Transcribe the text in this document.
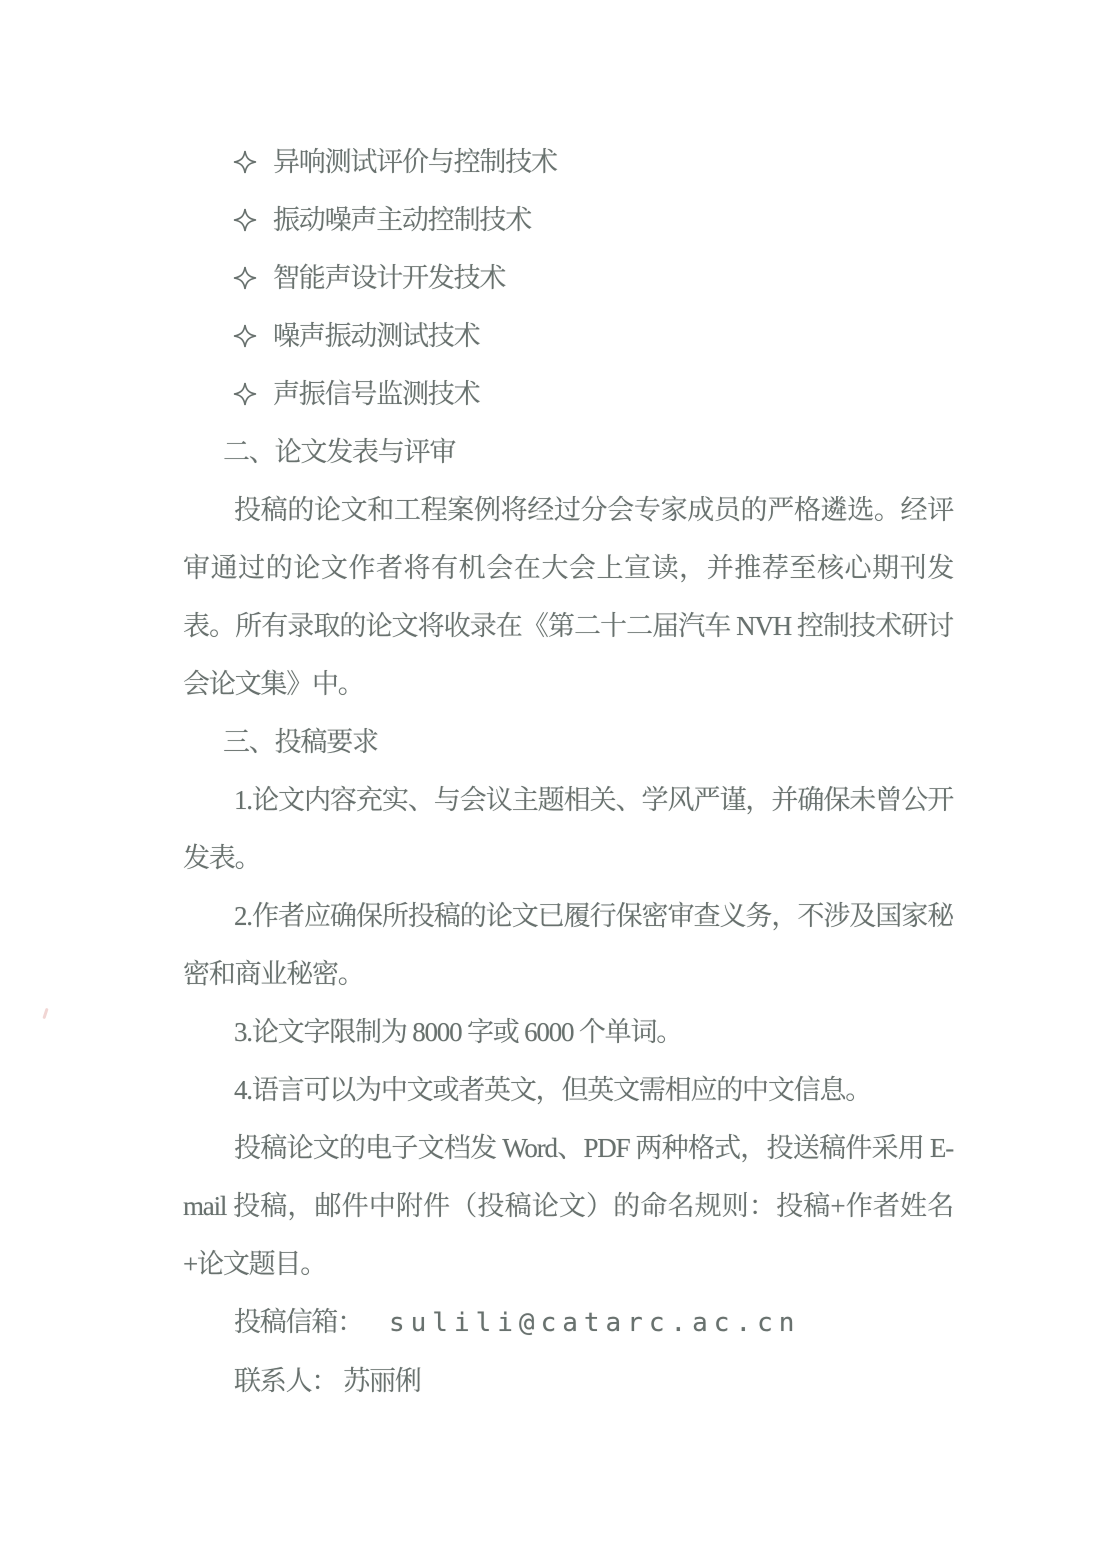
异响测试评价与控制技术
振动噪声主动控制技术
智能声设计开发技术
噪声振动测试技术
声振信号监测技术
二、论文发表与评审

投稿的论文和工程案例将经过分会专家成员的严格遴选。经评审通过的论文作者将有机会在大会上宣读，并推荐至核心期刊发表。所有录取的论文将收录在《第二十二届汽车 NVH 控制技术研讨会论文集》中。

三、投稿要求

1.论文内容充实、与会议主题相关、学风严谨，并确保未曾公开发表。

2.作者应确保所投稿的论文已履行保密审查义务，不涉及国家秘密和商业秘密。

3.论文字限制为 8000 字或 6000 个单词。

4.语言可以为中文或者英文，但英文需相应的中文信息。

投稿论文的电子文档发 Word、PDF 两种格式，投送稿件采用 E-mail 投稿，邮件中附件（投稿论文）的命名规则：投稿+作者姓名+论文题目。

投稿信箱： sulili@catarc.ac.cn
联系人： 苏丽俐
